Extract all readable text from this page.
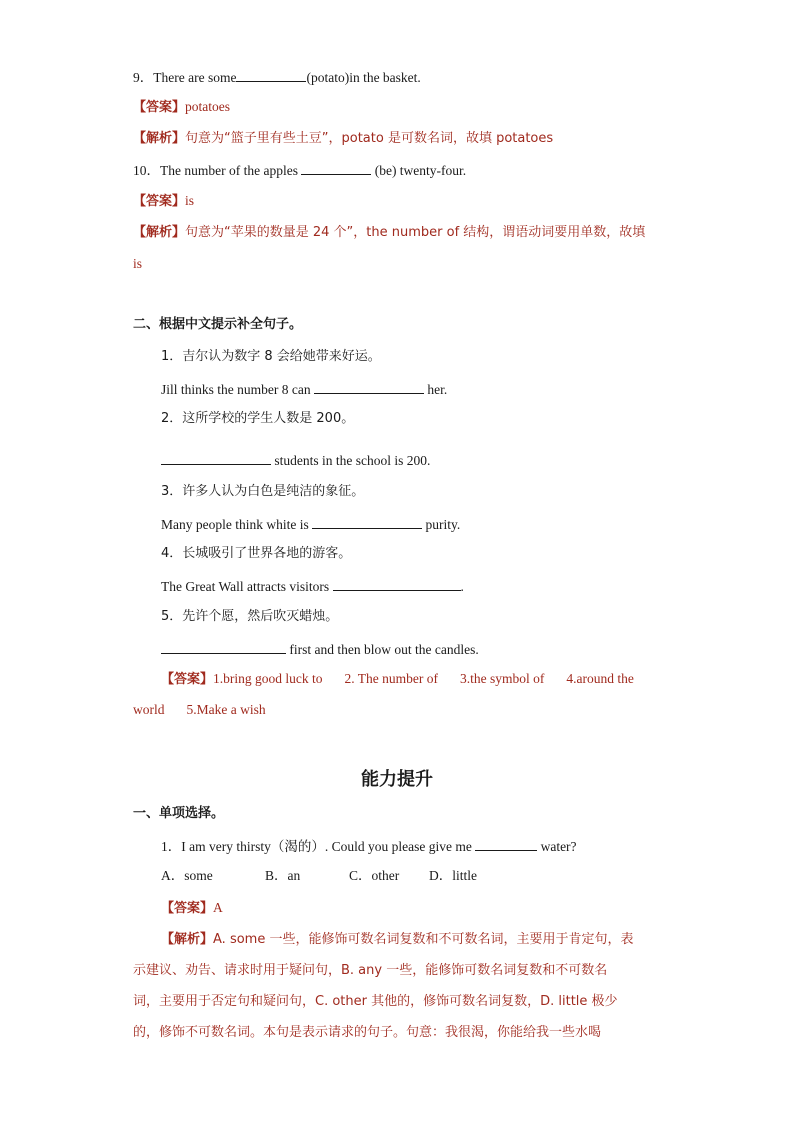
9．There are some	(potato)in the basket.
【答案】potatoes
【解析】句意为“篮子里有些土豆”，potato 是可数名词，故填 potatoes
10．The number of the apples	(be) twenty-four.
【答案】is
【解析】句意为“苹果的数量是 24 个”，the number of 结构，谓语动词要用单数，故填
is
二、根据中文提示补全句子。
1．吉尔认为数字 8 会给她带来好运。
Jill thinks the number 8 can	her.
2．这所学校的学生人数是 200。
students in the school is 200.
3．许多人认为白色是纯洁的象征。
Many people think white is	purity.
4．长城吸引了世界各地的游客。
The Great Wall attracts visitors	.
5．先许个愿，然后吹灭蜡烛。
first and then blow out the candles.
【答案】1.bring good luck to 2. The number of 3.the symbol of 4.around the
world 5.Make a wish
能力提升
一、单项选择。
1．I am very thirsty（渴的）. Could you please give me	water?
A．some	B．an	C．other D．little
【答案】A
【解析】A. some 一些，能修饰可数名词复数和不可数名词，主要用于肯定句，表
示建议、劝告、请求时用于疑问句，B. any 一些，能修饰可数名词复数和不可数名
词，主要用于否定句和疑问句，C. other 其他的，修饰可数名词复数，D. little 极少
的，修饰不可数名词。本句是表示请求的句子。句意：我很渴，你能给我一些水喝
